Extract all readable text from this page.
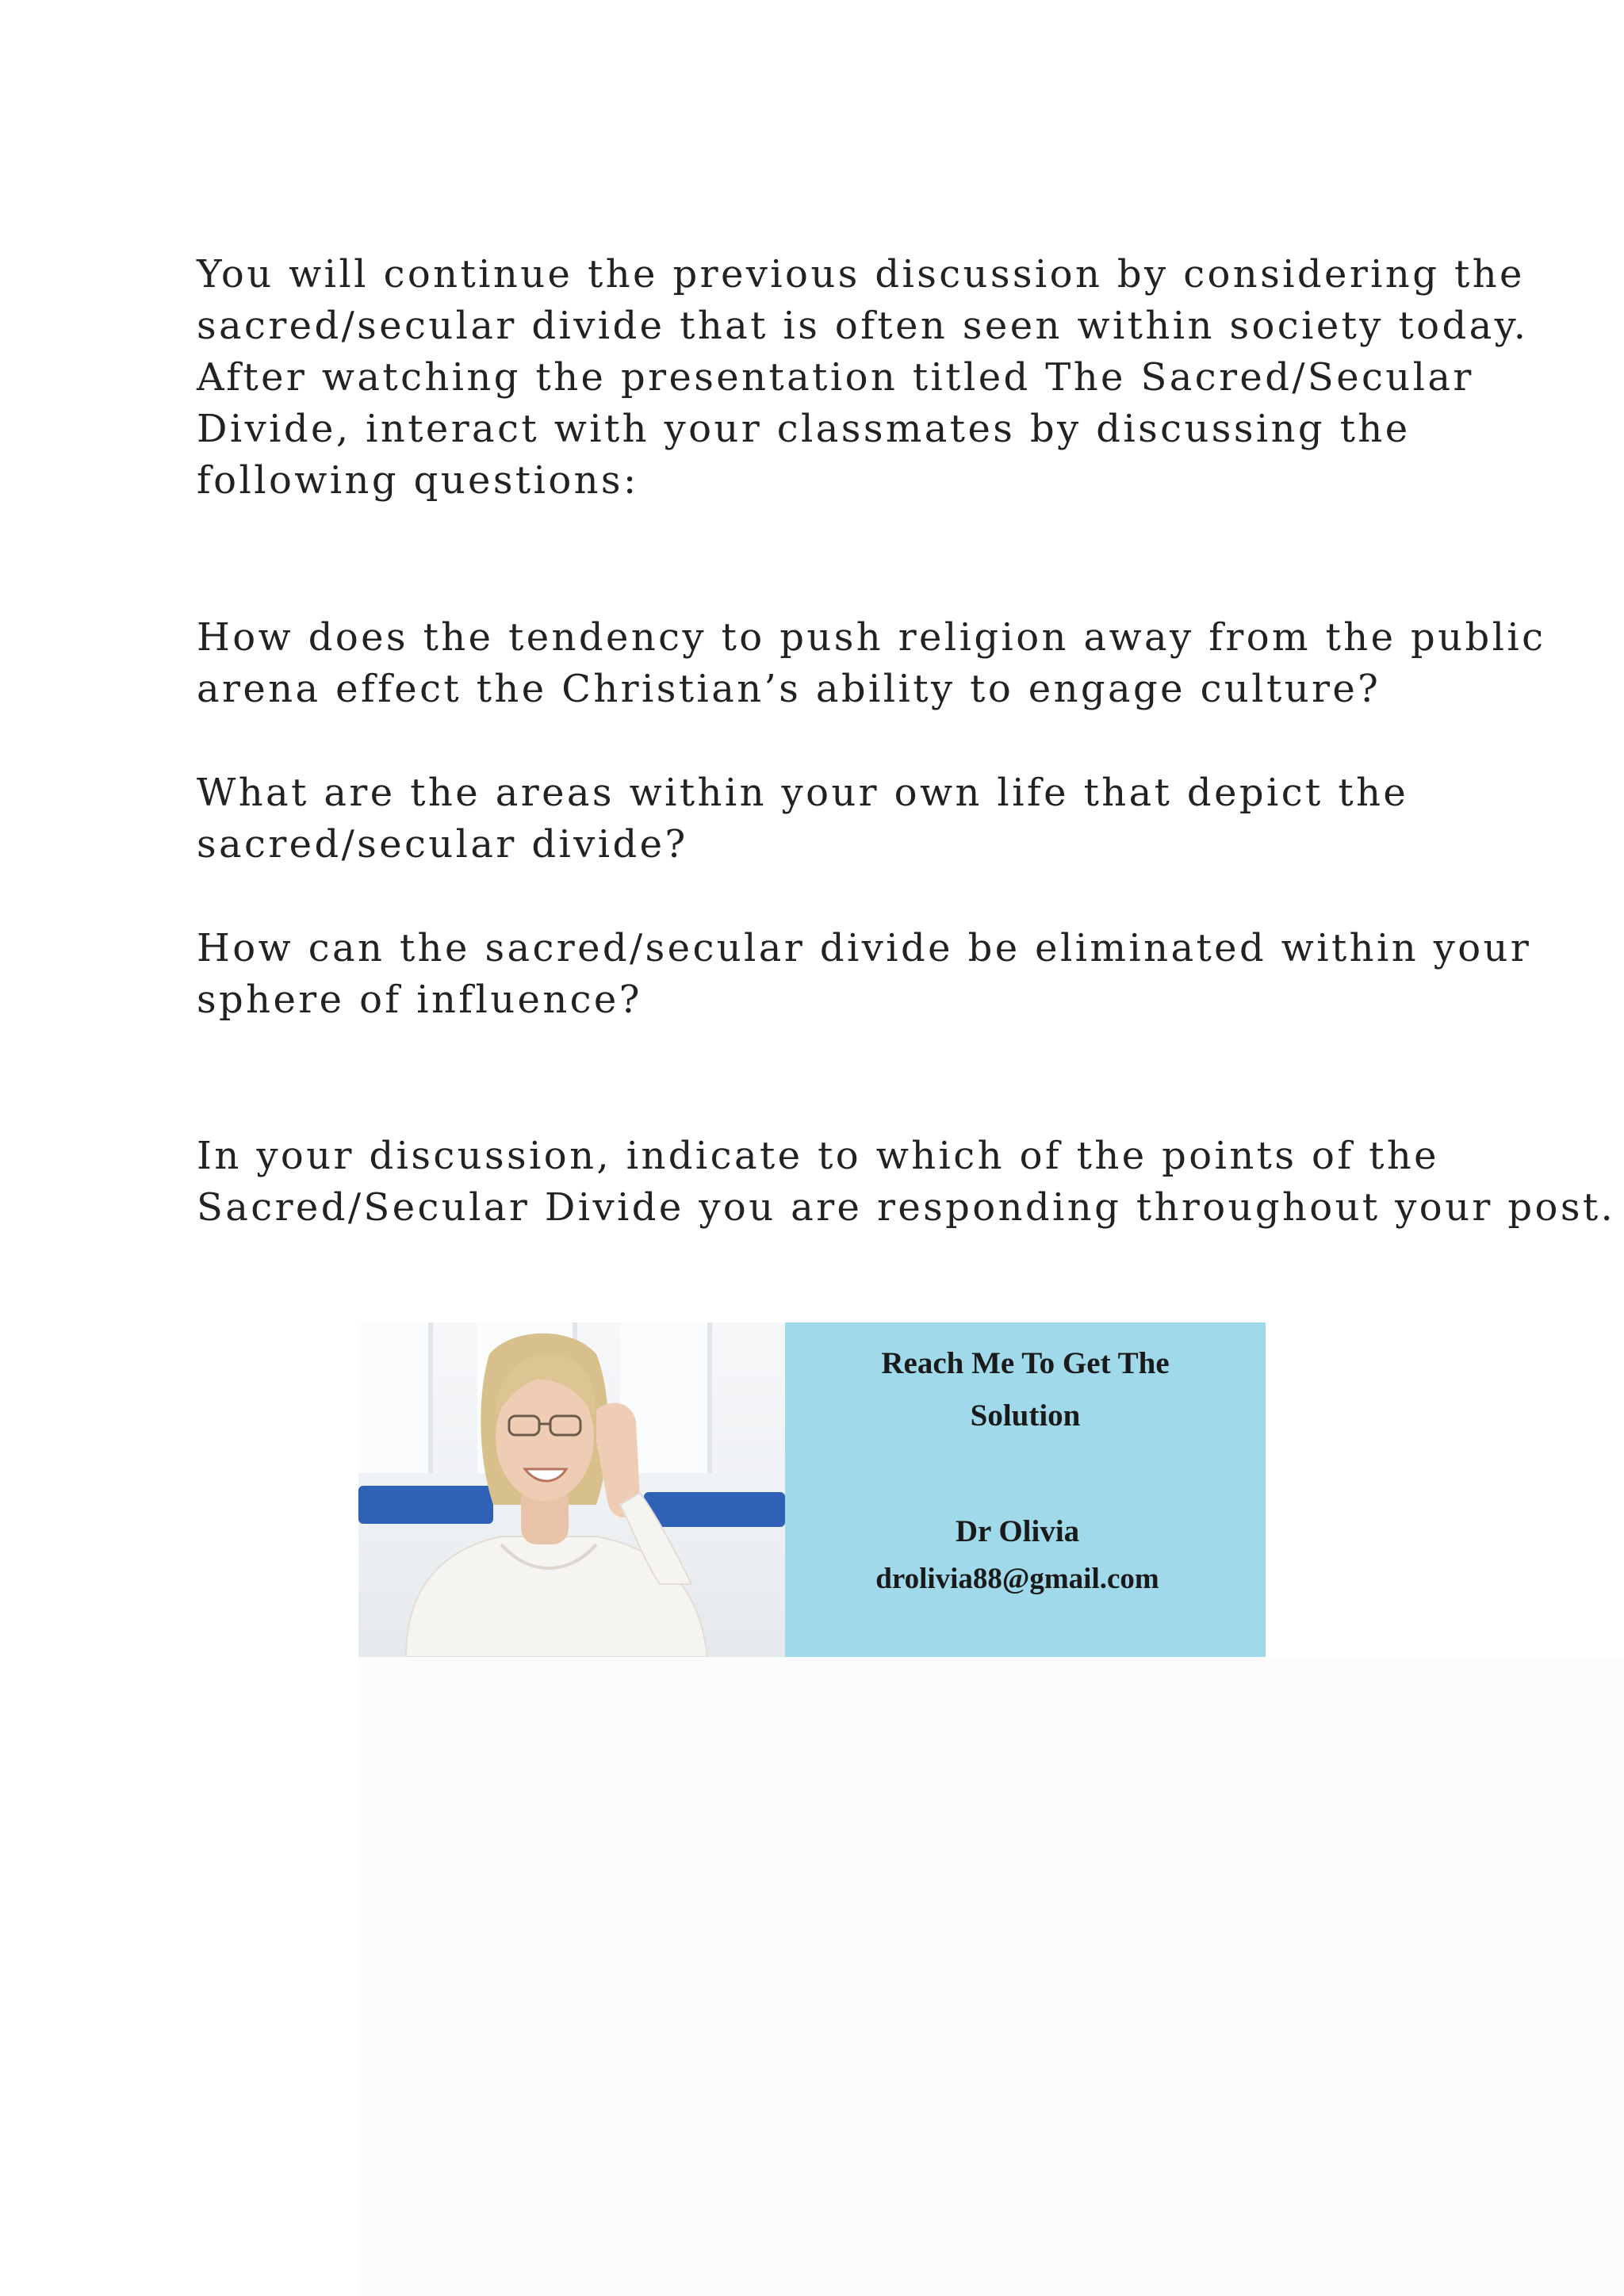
You will continue the previous discussion by considering the
sacred/secular divide that is often seen within society today.
After watching the presentation titled The Sacred/Secular
Divide, interact with your classmates by discussing the
following questions:

How does the tendency to push religion away from the public
arena effect the Christian’s ability to engage culture?

What are the areas within your own life that depict the
sacred/secular divide?

How can the sacred/secular divide be eliminated within your
sphere of influence?

In your discussion, indicate to which of the points of the
Sacred/Secular Divide you are responding throughout your post.

Reach Me To Get The
Solution
Dr Olivia
drolivia88@gmail.com
